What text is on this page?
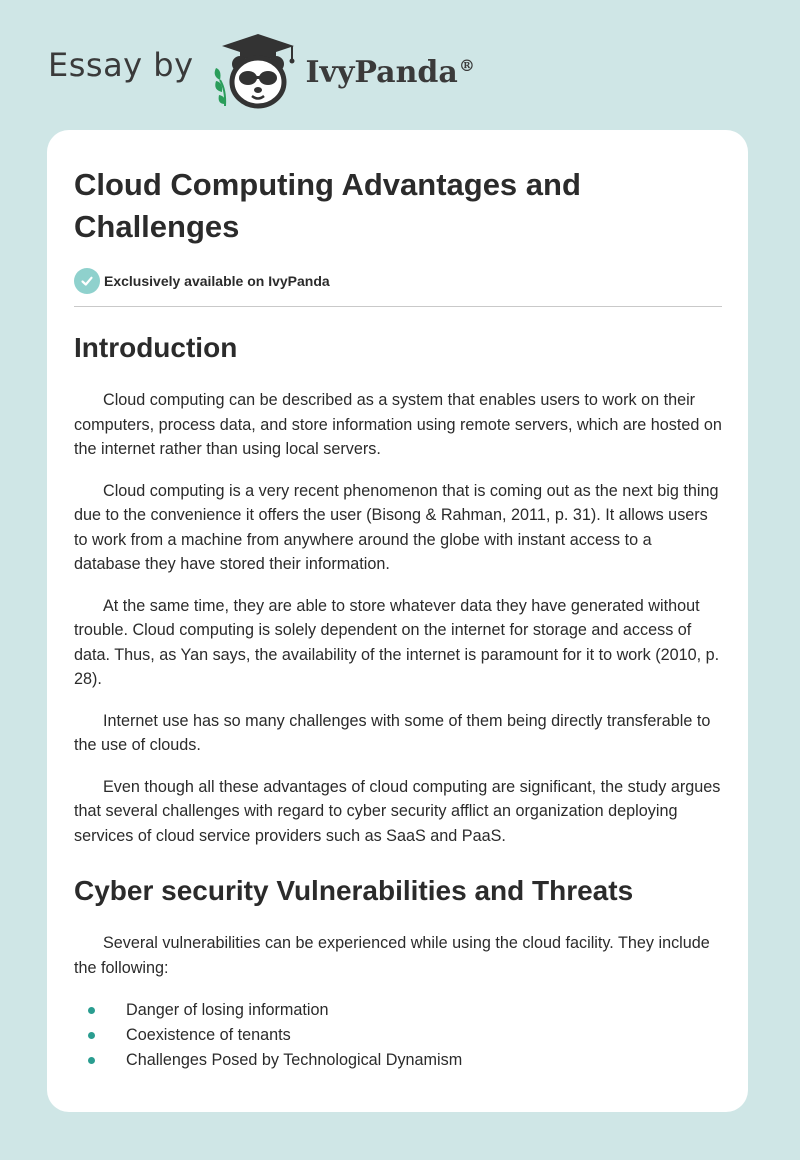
Essay by	IvyPanda®
Cloud Computing Advantages and Challenges
Exclusively available on IvyPanda
Introduction

Cloud computing can be described as a system that enables users to work on their computers, process data, and store information using remote servers, which are hosted on the internet rather than using local servers.

Cloud computing is a very recent phenomenon that is coming out as the next big thing due to the convenience it offers the user (Bisong & Rahman, 2011, p. 31). It allows users to work from a machine from anywhere around the globe with instant access to a database they have stored their information.

At the same time, they are able to store whatever data they have generated without trouble. Cloud computing is solely dependent on the internet for storage and access of data. Thus, as Yan says, the availability of the internet is paramount for it to work (2010, p. 28).

Internet use has so many challenges with some of them being directly transferable to the use of clouds.

Even though all these advantages of cloud computing are significant, the study argues that several challenges with regard to cyber security afflict an organization deploying services of cloud service providers such as SaaS and PaaS.

Cyber security Vulnerabilities and Threats

Several vulnerabilities can be experienced while using the cloud facility. They include the following:

Danger of losing information
Coexistence of tenants
Challenges Posed by Technological Dynamism
